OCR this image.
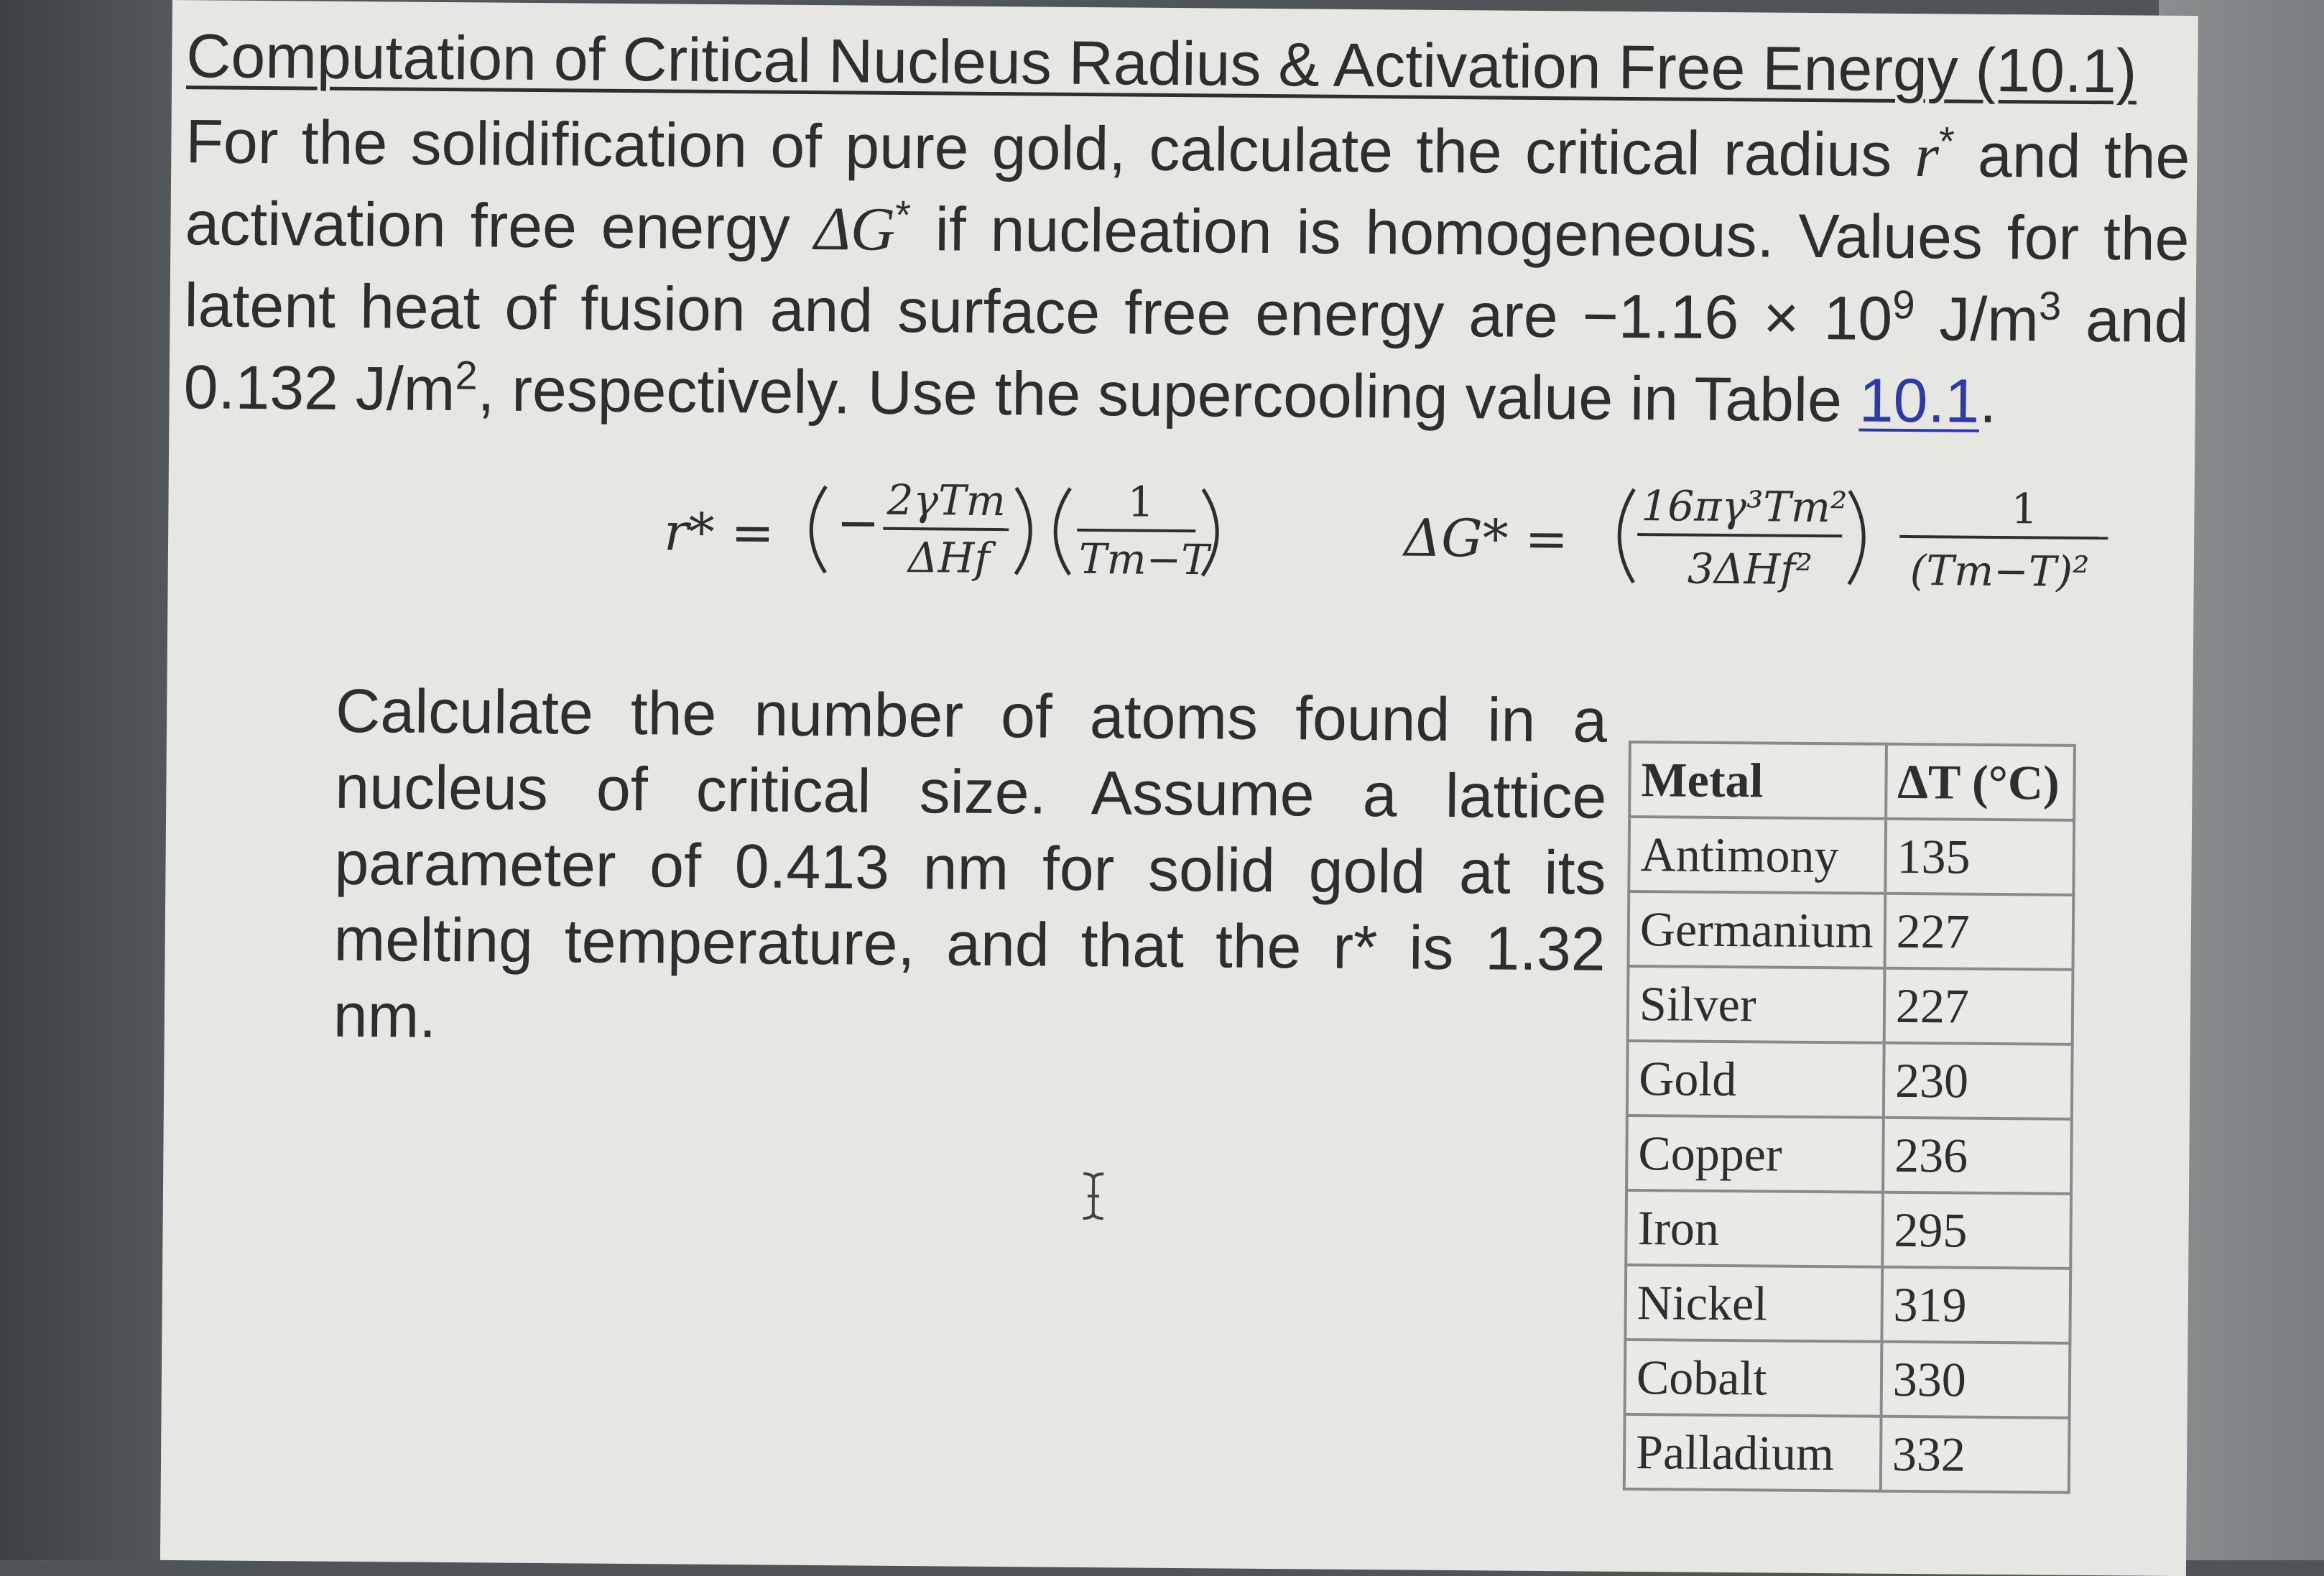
Computation of Critical Nucleus Radius & Activation Free Energy (10.1)

For the solidification of pure gold, calculate the critical radius r* and the activation free energy ΔG* if nucleation is homogeneous. Values for the latent heat of fusion and surface free energy are $-1.16 \times 10^9$ $J/m^3$ and 0.132 $J/m^2$, respectively. Use the supercooling value in Table 10.1.

r* = − 2γTm
ΔHf
1
Tm−T	ΔG* =
16πγ³Tm²
3ΔHf²
1
(Tm−T)²

Calculate the number of atoms found in a nucleus of critical size. Assume a lattice parameter of 0.413 nm for solid gold at its melting temperature, and that the r* is 1.32 nm.

Metal	ΔT (°C)
Antimony	135
Germanium	227
Silver	227
Gold	230
Copper	236
Iron	295
Nickel	319
Cobalt	330
Palladium	332
